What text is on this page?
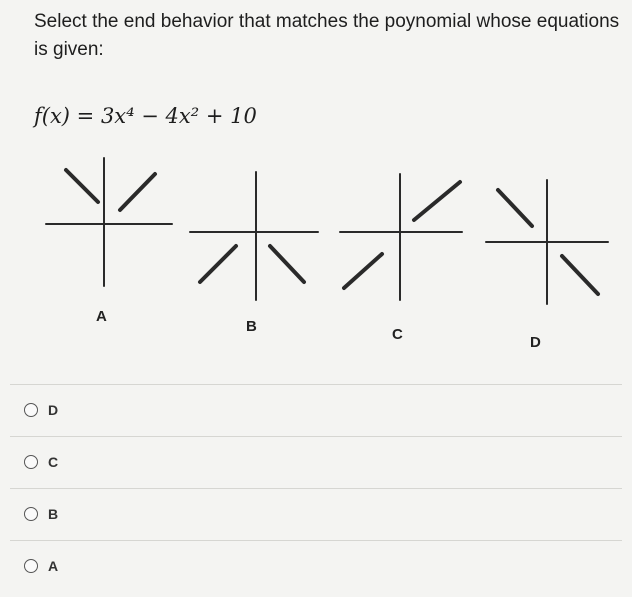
Select the end behavior that matches the poynomial whose equations is given:
f(x) = 3x⁴ − 4x² + 10
A
B	C	D
D
C
B
A
